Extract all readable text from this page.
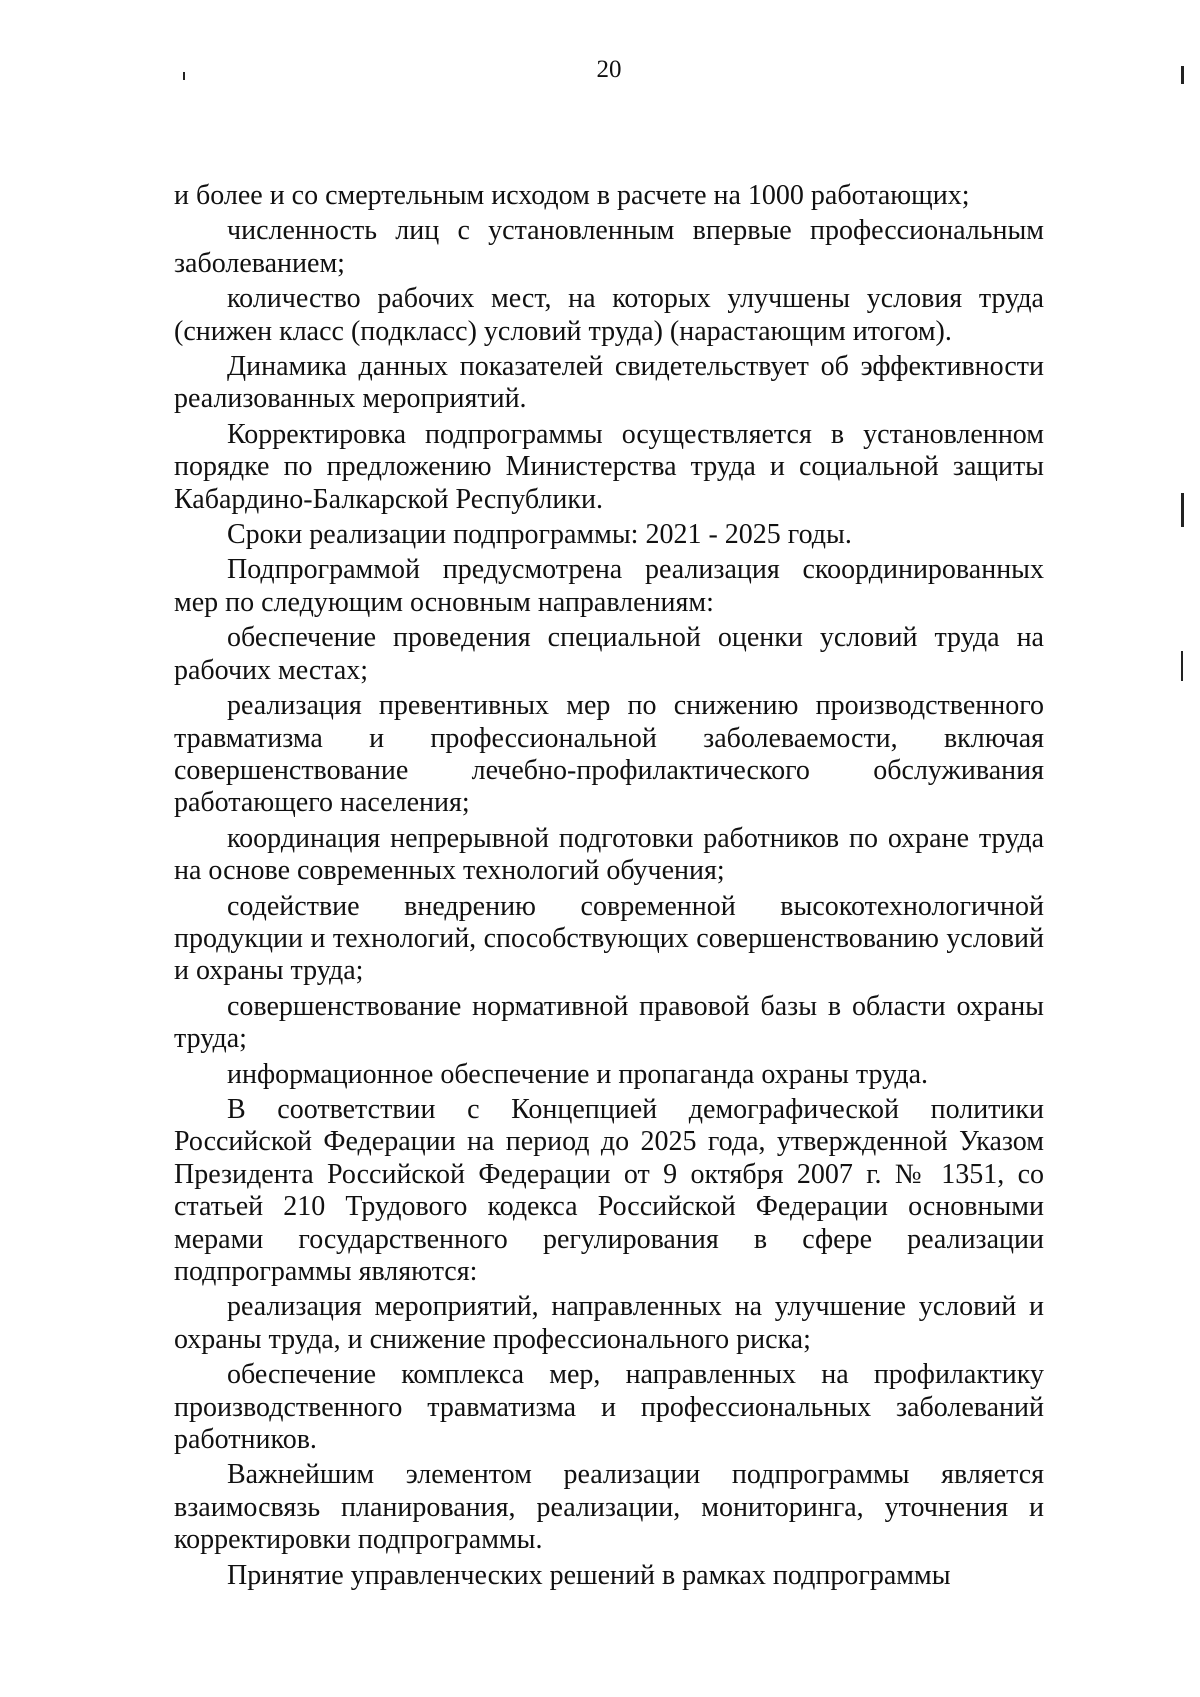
20

и более и со смертельным исходом в расчете на 1000 работающих;

численность лиц с установленным впервые профессиональным заболеванием;

количество рабочих мест, на которых улучшены условия труда (снижен класс (подкласс) условий труда) (нарастающим итогом).

Динамика данных показателей свидетельствует об эффективности реализованных мероприятий.

Корректировка подпрограммы осуществляется в установленном порядке по предложению Министерства труда и социальной защиты Кабардино-Балкарской Республики.

Сроки реализации подпрограммы: 2021 - 2025 годы.

Подпрограммой предусмотрена реализация скоординированных мер по следующим основным направлениям:

обеспечение проведения специальной оценки условий труда на рабочих местах;

реализация превентивных мер по снижению производственного травматизма и профессиональной заболеваемости, включая совершенствование лечебно-профилактического обслуживания работающего населения;

координация непрерывной подготовки работников по охране труда на основе современных технологий обучения;

содействие внедрению современной высокотехнологичной продукции и технологий, способствующих совершенствованию условий и охраны труда;

совершенствование нормативной правовой базы в области охраны труда;

информационное обеспечение и пропаганда охраны труда.

В соответствии с Концепцией демографической политики Российской Федерации на период до 2025 года, утвержденной Указом Президента Российской Федерации от 9 октября 2007 г. № 1351, со статьей 210 Трудового кодекса Российской Федерации основными мерами государственного регулирования в сфере реализации подпрограммы являются:

реализация мероприятий, направленных на улучшение условий и охраны труда, и снижение профессионального риска;

обеспечение комплекса мер, направленных на профилактику производственного травматизма и профессиональных заболеваний работников.

Важнейшим элементом реализации подпрограммы является взаимосвязь планирования, реализации, мониторинга, уточнения и корректировки подпрограммы.

Принятие управленческих решений в рамках подпрограммы
